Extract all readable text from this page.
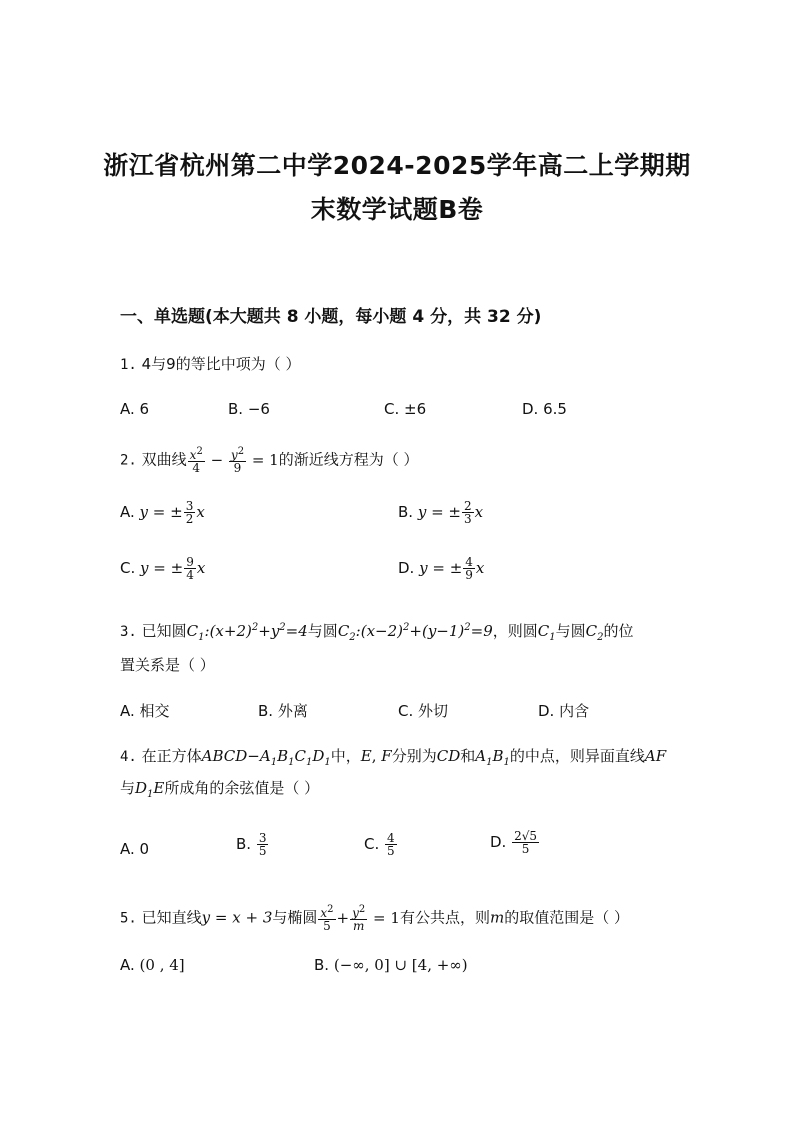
浙江省杭州第二中学2024-2025学年高二上学期期
末数学试题B卷
一、单选题(本大题共 8 小题，每小题 4 分，共 32 分)
1. 4与9的等比中项为（ ）
A. 6	B. −6	C. ±6	D. 6.5
2. 双曲线 $\frac{x^2}{4} - \frac{y^2}{9} = 1$的渐近线方程为（ ）
A. y = ± $\frac{3}{2}$ x	B. y = ± $\frac{2}{3}$ x
C. y = ± $\frac{9}{4}$ x	D. y = ± $\frac{4}{9}$ x
3. 已知圆$C_1:(x+2)^2+y^2=4$与圆$C_2:(x-2)^2+(y-1)^2=9$，则圆$C_1$与圆$C_2$的位
置关系是（ ）
A. 相交	B. 外离	C. 外切	D. 内含
4. 在正方体$ABCD-A_1B_1C_1D_1$中，E, F分别为CD和$A_1B_1$的中点，则异面直线AF
与$D_1E$所成角的余弦值是（ ）
A. 0	B. $\frac{3}{5}$	C. $\frac{4}{5}$	D. $\frac{2√5}{5}$
5. 已知直线y = x + 3与椭圆 $\frac{x^2}{5} + \frac{y^2}{m} = 1$有公共点，则m的取值范围是（ ）
A. (0 , 4]	B. (−∞, 0] ∪ [4, +∞)
